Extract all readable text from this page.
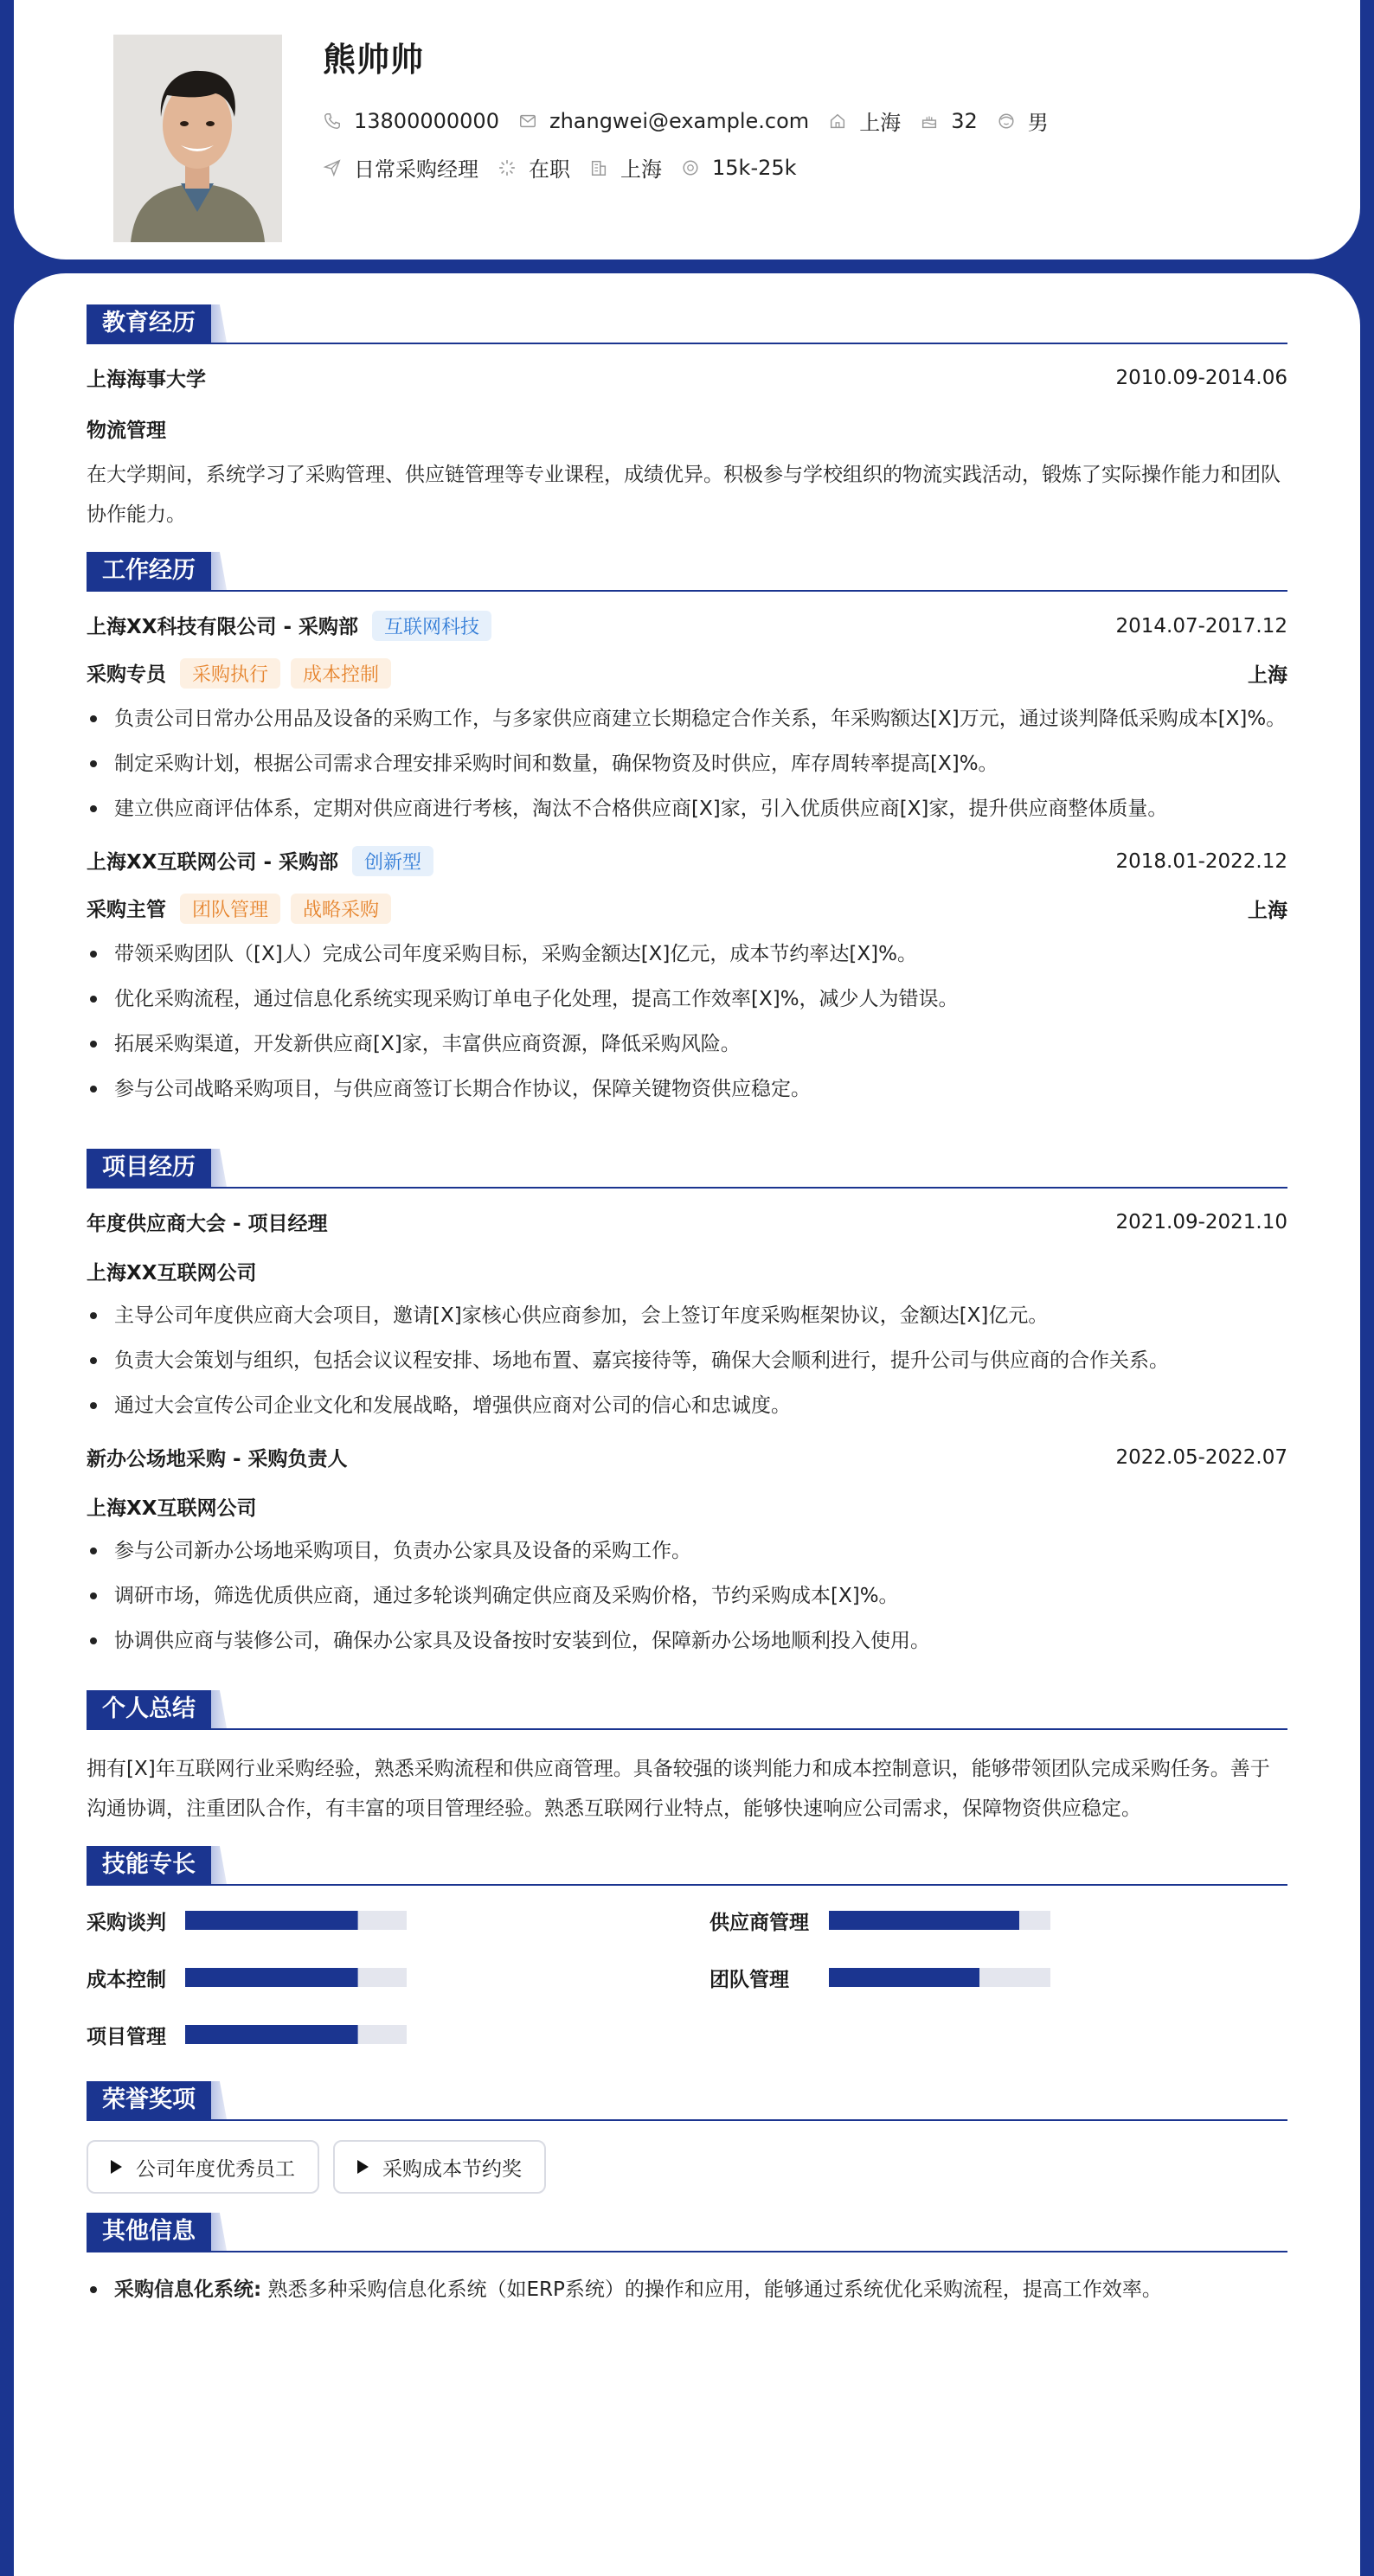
熊帅帅
13800000000 zhangwei@example.com 上海 32 男
日常采购经理 在职 上海 15k-25k
教育经历
上海海事大学	2010.09-2014.06
物流管理
在大学期间，系统学习了采购管理、供应链管理等专业课程，成绩优异。积极参与学校组织的物流实践活动，锻炼了实际操作能力和团队协作能力。
工作经历
上海XX科技有限公司 - 采购部 互联网科技	2014.07-2017.12
采购专员 采购执行 成本控制	上海
负责公司日常办公用品及设备的采购工作，与多家供应商建立长期稳定合作关系，年采购额达[X]万元，通过谈判降低采购成本[X]%。
制定采购计划，根据公司需求合理安排采购时间和数量，确保物资及时供应，库存周转率提高[X]%。
建立供应商评估体系，定期对供应商进行考核，淘汰不合格供应商[X]家，引入优质供应商[X]家，提升供应商整体质量。
上海XX互联网公司 - 采购部 创新型	2018.01-2022.12
采购主管 团队管理 战略采购	上海
带领采购团队（[X]人）完成公司年度采购目标，采购金额达[X]亿元，成本节约率达[X]%。
优化采购流程，通过信息化系统实现采购订单电子化处理，提高工作效率[X]%，减少人为错误。
拓展采购渠道，开发新供应商[X]家，丰富供应商资源，降低采购风险。
参与公司战略采购项目，与供应商签订长期合作协议，保障关键物资供应稳定。
项目经历
年度供应商大会 - 项目经理	2021.09-2021.10
上海XX互联网公司
主导公司年度供应商大会项目，邀请[X]家核心供应商参加，会上签订年度采购框架协议，金额达[X]亿元。
负责大会策划与组织，包括会议议程安排、场地布置、嘉宾接待等，确保大会顺利进行，提升公司与供应商的合作关系。
通过大会宣传公司企业文化和发展战略，增强供应商对公司的信心和忠诚度。
新办公场地采购 - 采购负责人	2022.05-2022.07
上海XX互联网公司
参与公司新办公场地采购项目，负责办公家具及设备的采购工作。
调研市场，筛选优质供应商，通过多轮谈判确定供应商及采购价格，节约采购成本[X]%。
协调供应商与装修公司，确保办公家具及设备按时安装到位，保障新办公场地顺利投入使用。
个人总结
拥有[X]年互联网行业采购经验，熟悉采购流程和供应商管理。具备较强的谈判能力和成本控制意识，能够带领团队完成采购任务。善于沟通协调，注重团队合作，有丰富的项目管理经验。熟悉互联网行业特点，能够快速响应公司需求，保障物资供应稳定。
技能专长
采购谈判	供应商管理
成本控制	团队管理
项目管理
荣誉奖项
公司年度优秀员工	采购成本节约奖
其他信息
采购信息化系统: 熟悉多种采购信息化系统（如ERP系统）的操作和应用，能够通过系统优化采购流程，提高工作效率。
